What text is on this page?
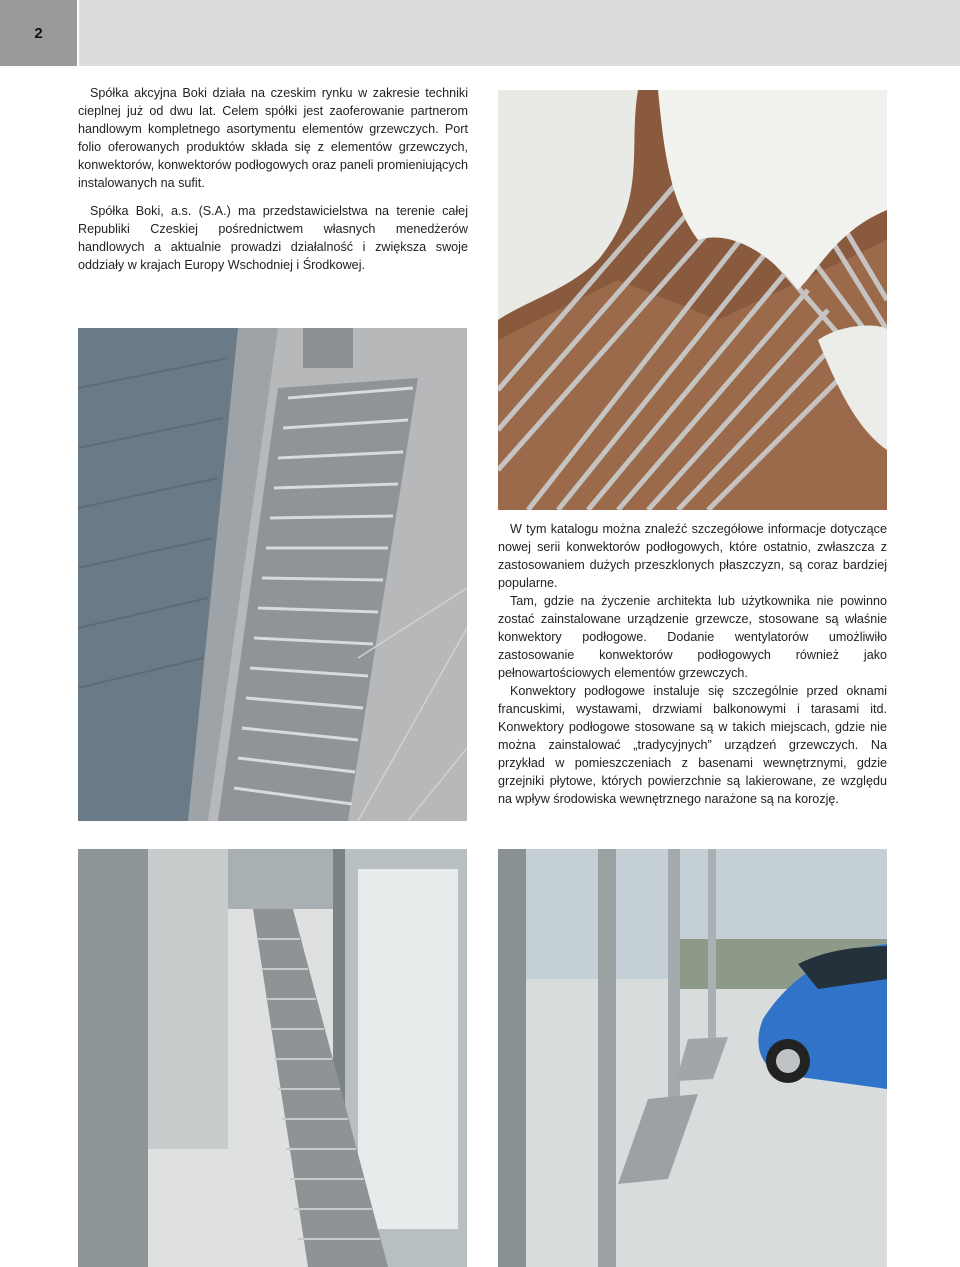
2

Spółka akcyjna Boki działa na czeskim rynku w zakresie techniki cieplnej już od dwu lat. Celem spółki jest zaoferowanie partnerom handlowym kompletnego asortymentu elementów grzewczych. Port folio oferowanych produktów składa się z elementów grzewczych, konwektorów, konwektorów podłogowych oraz paneli promieniujących instalowanych na sufit.

Spółka Boki, a.s. (S.A.) ma przedstawicielstwa na terenie całej Republiki Czeskiej pośrednictwem własnych menedżerów handlowych a aktualnie prowadzi działalność i zwiększa swoje oddziały w krajach Europy Wschodniej i Środkowej.

W tym katalogu można znaleźć szczegółowe informacje dotyczące nowej serii konwektorów podłogowych, które ostatnio, zwłaszcza z zastosowaniem dużych przeszklonych płaszczyzn, są coraz bardziej popularne.

Tam, gdzie na życzenie architekta lub użytkownika nie powinno zostać zainstalowane urządzenie grzewcze, stosowane są właśnie konwektory podłogowe. Dodanie wentylatorów umożliwiło zastosowanie konwektorów podłogowych również jako pełnowartościowych elementów grzewczych.

Konwektory podłogowe instaluje się szczególnie przed oknami francuskimi, wystawami, drzwiami balkonowymi i tarasami itd. Konwektory podłogowe stosowane są w takich miejscach, gdzie nie można zainstalować „tradycyjnych” urządzeń grzewczych. Na przykład w pomieszczeniach z basenami wewnętrznymi, gdzie grzejniki płytowe, których powierzchnie są lakierowane, ze względu na wpływ środowiska wewnętrznego narażone są na korozję.
